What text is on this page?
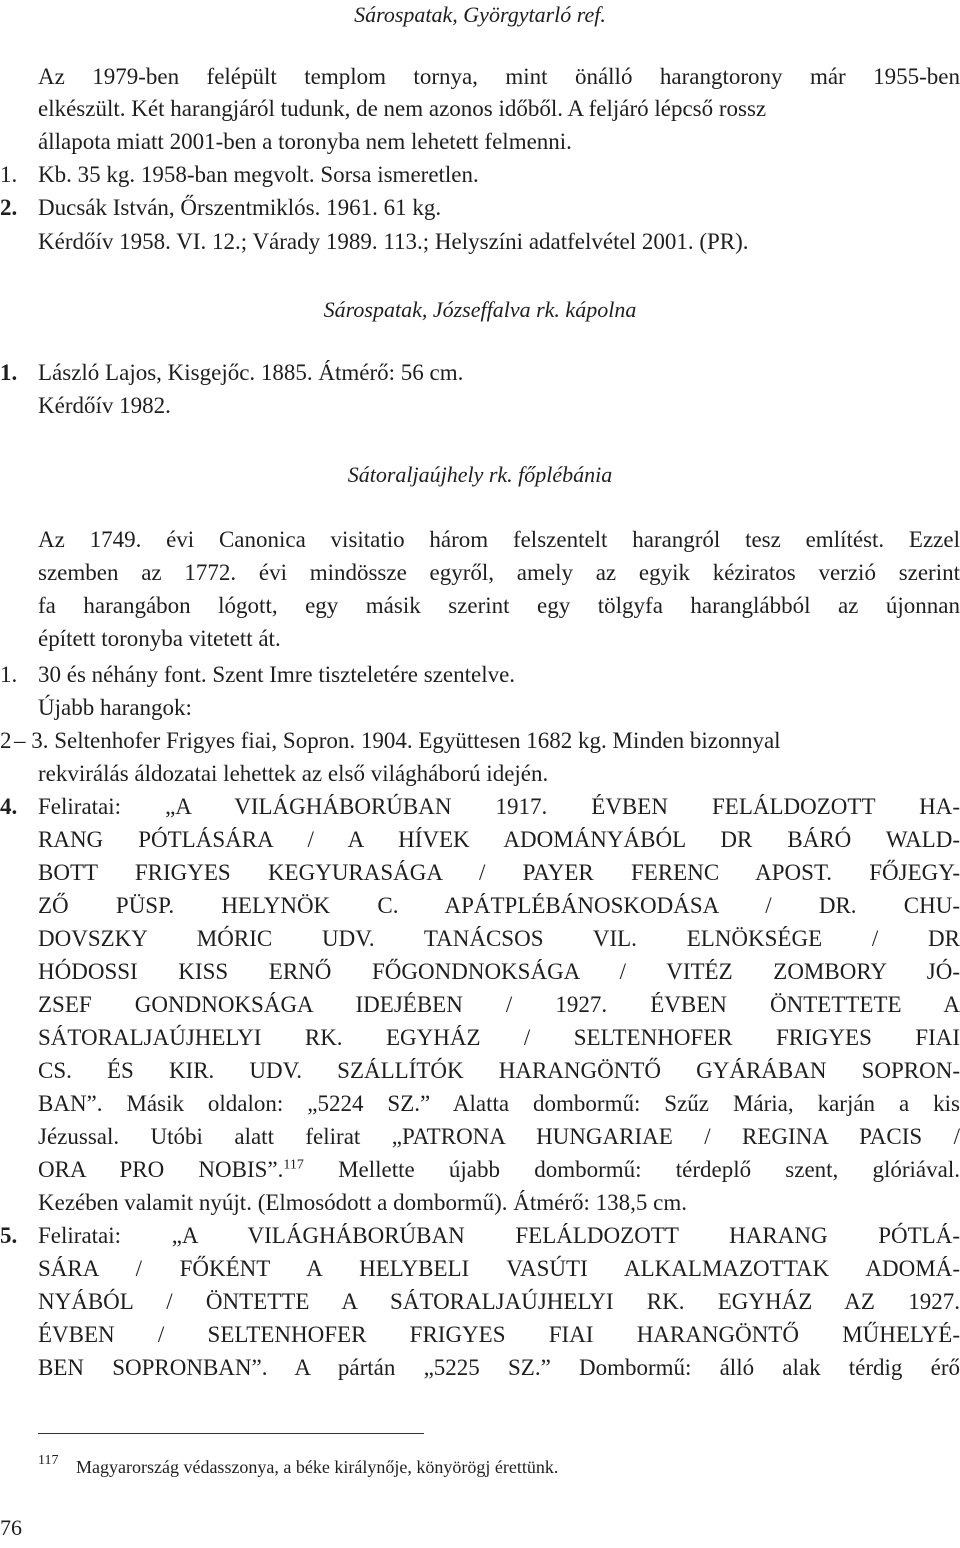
Sárospatak, Györgytarló ref.
Az 1979-ben felépült templom tornya, mint önálló harangtorony már 1955-ben
elkészült. Két harangjáról tudunk, de nem azonos időből. A feljáró lépcső rossz
állapota miatt 2001-ben a toronyba nem lehetett felmenni.
1. Kb. 35 kg. 1958-ban megvolt. Sorsa ismeretlen.
2. Ducsák István, Őrszentmiklós. 1961. 61 kg.
Kérdőív 1958. VI. 12.; Várady 1989. 113.; Helyszíni adatfelvétel 2001. (PR).
Sárospatak, Józseffalva rk. kápolna
1. László Lajos, Kisgejőc. 1885. Átmérő: 56 cm.
Kérdőív 1982.
Sátoraljaújhely rk. főplébánia
Az 1749. évi Canonica visitatio három felszentelt harangról tesz említést. Ezzel
szemben az 1772. évi mindössze egyről, amely az egyik kéziratos verzió szerint
fa harangábon lógott, egy másik szerint egy tölgyfa haranglábból az újonnan
épített toronyba vitetett át.
1. 30 és néhány font. Szent Imre tiszteletére szentelve.
Újabb harangok:
2 – 3. Seltenhofer Frigyes fiai, Sopron. 1904. Együttesen 1682 kg. Minden bizonnyal
rekvirálás áldozatai lehettek az első világháború idején.
4. Feliratai: „A VILÁGHÁBORÚBAN 1917. ÉVBEN FELÁLDOZOTT HA-
RANG PÓTLÁSÁRA / A HÍVEK ADOMÁNYÁBÓL DR BÁRÓ WALD-
BOTT FRIGYES KEGYURASÁGA / PAYER FERENC APOST. FŐJEGY-
ZŐ PÜSP. HELYNÖK C. APÁTPLÉBÁNOSKODÁSA / DR. CHU-
DOVSZKY MÓRIC UDV. TANÁCSOS VIL. ELNÖKSÉGE / DR
HÓDOSSI KISS ERNŐ FŐGONDNOKSÁGA / VITÉZ ZOMBORY JÓ-
ZSEF GONDNOKSÁGA IDEJÉBEN / 1927. ÉVBEN ÖNTETTETE A
SÁTORALJAÚJHELYI RK. EGYHÁZ / SELTENHOFER FRIGYES FIAI
CS. ÉS KIR. UDV. SZÁLLÍTÓK HARANGÖNTŐ GYÁRÁBAN SOPRON-
BAN”. Másik oldalon: „5224 SZ.” Alatta dombormű: Szűz Mária, karján a kis
Jézussal. Utóbi alatt felirat „PATRONA HUNGARIAE / REGINA PACIS /
ORA PRO NOBIS”.$^{117}$ Mellette újabb dombormű: térdeplő szent, glóriával.
Kezében valamit nyújt. (Elmosódott a dombormű). Átmérő: 138,5 cm.
5. Feliratai: „A VILÁGHÁBORÚBAN FELÁLDOZOTT HARANG PÓTLÁ-
SÁRA / FŐKÉNT A HELYBELI VASÚTI ALKALMAZOTTAK ADOMÁ-
NYÁBÓL / ÖNTETTE A SÁTORALJAÚJHELYI RK. EGYHÁZ AZ 1927.
ÉVBEN / SELTENHOFER FRIGYES FIAI HARANGÖNTŐ MŰHELYÉ-
BEN SOPRONBAN”. A pártán „5225 SZ.” Dombormű: álló alak térdig érő
117 Magyarország védasszonya, a béke királynője, könyörögj érettünk.
76
